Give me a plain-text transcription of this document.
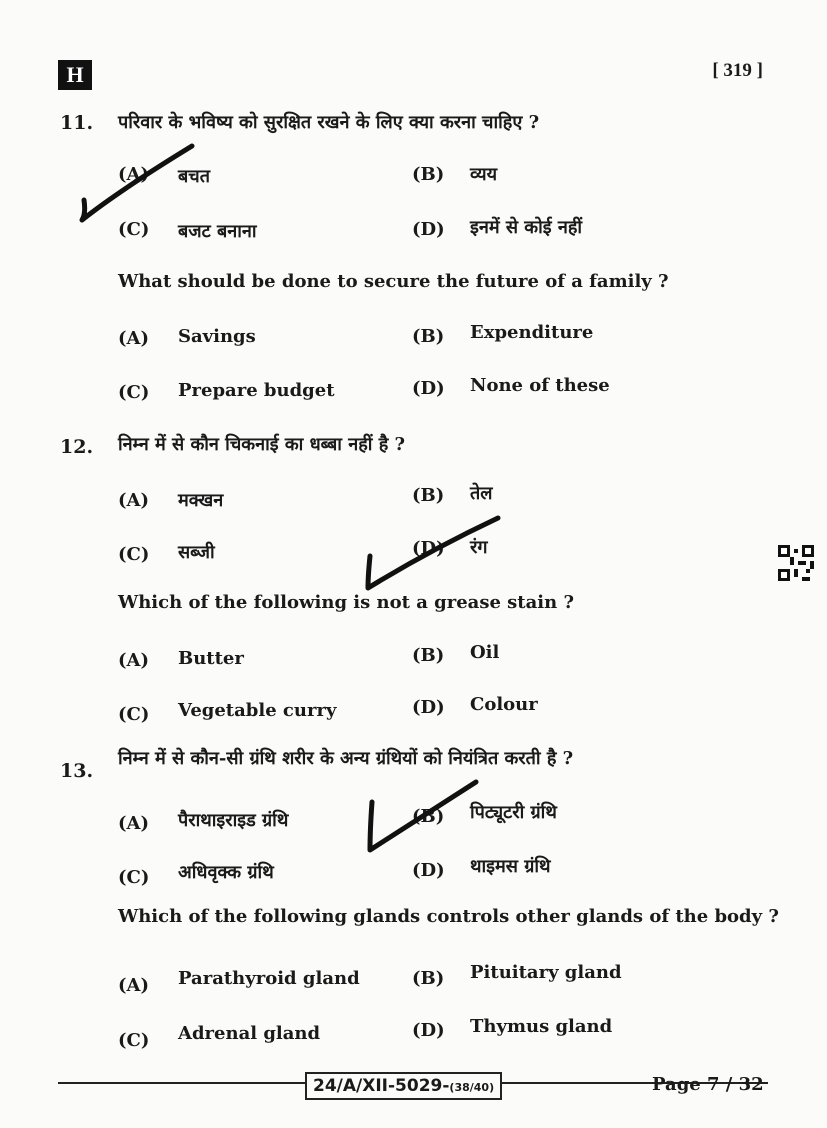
H	[ 319 ]
11. परिवार के भविष्य को सुरक्षित रखने के लिए क्या करना चाहिए ?
(A) बचत	(B) व्यय
(C) बजट बनाना	(D) इनमें से कोई नहीं
What should be done to secure the future of a family ?
(A) Savings	(B) Expenditure
(C) Prepare budget	(D) None of these
12. निम्न में से कौन चिकनाई का धब्बा नहीं है ?
(A) मक्खन	(B) तेल
(C) सब्जी	(D) रंग
Which of the following is not a grease stain ?
(A) Butter	(B) Oil
(C) Vegetable curry	(D) Colour
13.
निम्न में से कौन-सी ग्रंथि शरीर के अन्य ग्रंथियों को नियंत्रित करती है ?
(A) पैराथाइराइड ग्रंथि	(B) पिट्यूटरी ग्रंथि
(C) अधिवृक्क ग्रंथि	(D) थाइमस ग्रंथि
Which of the following glands controls other glands of the body ?
(A) Parathyroid gland	(B) Pituitary gland
(C) Adrenal gland	(D) Thymus gland
24/A/XII-5029-(38/40)	Page 7 / 32
